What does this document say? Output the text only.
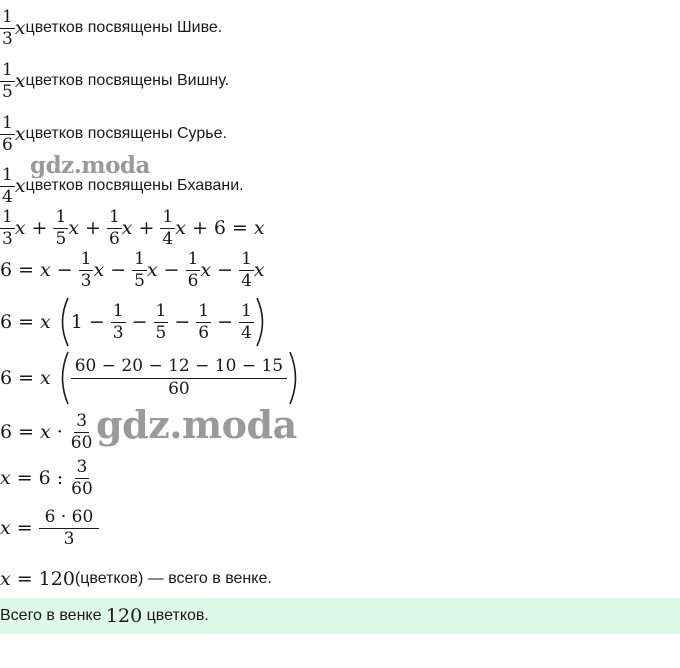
$\frac{1}{3}$ x цветков посвящены Шиве.
$\frac{1}{5}$ x цветков посвящены Вишну.
$\frac{1}{6}$ x цветков посвящены Сурье.
gdz.moda
$\frac{1}{4}$ x цветков посвящены Бхавани.
$\frac{1}{3}$ $x + \frac{1}{5}$ $x + \frac{1}{6}$ $x + \frac{1}{4}$ x + 6 = x
$6 = x - \frac{1}{3}$ $x - \frac{1}{5}$ $x - \frac{1}{6}$ $x - \frac{1}{4}$ x
6 = x $1 - \frac{1}{3} - \frac{1}{5} - \frac{1}{6} - \frac{1}{4}$
6 = x $\frac{60 - 20 - 12 - 10 - 15}{60}$
$6 = x \cdot \frac{3}{60}$ gdz.moda
x = 6 : $\frac{3}{60}$
$x = \frac{6 \cdot 60}{3}$
x = 120 (цветков) — всего в венке.
Всего в венке 120 цветков.
